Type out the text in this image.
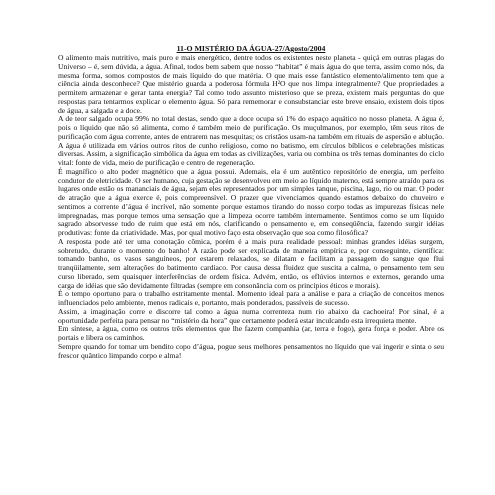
11-O MISTÉRIO DA ÁGUA-27/Agosto/2004

O alimento mais nutritivo, mais puro e mais energético, dentre todos os existentes neste planeta - quiçá em outras plagas do Universo – é, sem dúvida, a água. Afinal, todos bem sabem que nosso “habitat” é mais água do que terra, assim como nós, da mesma forma, somos compostos de mais líquido do que matéria. O que mais esse fantástico elemento/alimento tem que a ciência ainda desconhece? Que mistério guarda a poderosa fórmula H²O que nos limpa integralmente? Que propriedades a permitem armazenar e gerar tanta energia? Tal como todo assunto misterioso que se preza, existem mais perguntas do que respostas para tentarmos explicar o elemento água. Só para rememorar e consubstanciar este breve ensaio, existem dois tipos de água, a salgada e a doce.

A de teor salgado ocupa 99% no total destas, sendo que a doce ocupa só 1% do espaço aquático no nosso planeta. A água é, pois o líquido que não só alimenta, como é também meio de purificação. Os muçulmanos, por exemplo, têm seus ritos de purificação com água corrente, antes de entrarem nas mesquitas; os cristãos usam-na também em rituais de aspersão e ablução. A água é utilizada em vários outros ritos de cunho religioso, como no batismo, em círculos bíblicos e celebrações místicas diversas. Assim, a significação simbólica da água em todas as civilizações, varia ou combina os três temas dominantes do ciclo vital: fonte de vida, meio de purificação e centro de regeneração.

É magnífico o alto poder magnético que a água possui. Ademais, ela é um autêntico repositório de energia, um perfeito condutor de eletricidade. O ser humano, cuja gestação se desenvolveu em meio ao líquido materno, está sempre atraído para os lugares onde estão os mananciais de água, sejam eles representados por um simples tanque, piscina, lago, rio ou mar. O poder de atração que a água exerce é, pois compreensível. O prazer que vivenciamos quando estamos debaixo do chuveiro e sentimos a corrente d’água é incrível, não somente porque estamos tirando do nosso corpo todas as impurezas físicas nele impregnadas, mas porque temos uma sensação que a limpeza ocorre também internamente. Sentimos como se um líquido sagrado absorvesse tudo de ruim que está em nós, clarificando o pensamento e, em conseqüência, fazendo surgir idéias produtivas: fonte da criatividade. Mas, por qual motivo faço esta observação que soa como filosófica?

A resposta pode até ter uma conotação cômica, porém é a mais pura realidade pessoal: minhas grandes idéias surgem, sobretudo, durante o momento do banho! A razão pode ser explicada de maneira empírica e, por conseguinte, científica: tomando banho, os vasos sanguíneos, por estarem relaxados, se dilatam e facilitam a passagem do sangue que flui tranqüilamente, sem alterações do batimento cardíaco. Por causa dessa fluidez que suscita a calma, o pensamento tem seu curso liberado, sem quaisquer interferências de ordem física. Advém, então, os eflúvios internos e externos, gerando uma carga de idéias que são devidamente filtradas (sempre em consonância com os princípios éticos e morais).

É o tempo oportuno para o trabalho estritamente mental. Momento ideal para a análise e para a criação de conceitos menos influenciados pelo ambiente, menos radicais e, portanto, mais ponderados, passíveis de sucesso.

Assim, a imaginação corre e discorre tal como a água numa correnteza num rio abaixo da cachoeira! Por sinal, é a oportunidade perfeita para pensar no “mistério da hora” que certamente poderá estar inculcando esta irrequieta mente.

Em síntese, a água, como os outros três elementos que lhe fazem companhia (ar, terra e fogo), gera força e poder. Abre os portais e libera os caminhos.

Sempre quando for tomar um bendito copo d’água, pogue seus melhores pensamentos no líquido que vai ingerir e sinta o seu frescor quântico limpando corpo e alma!
